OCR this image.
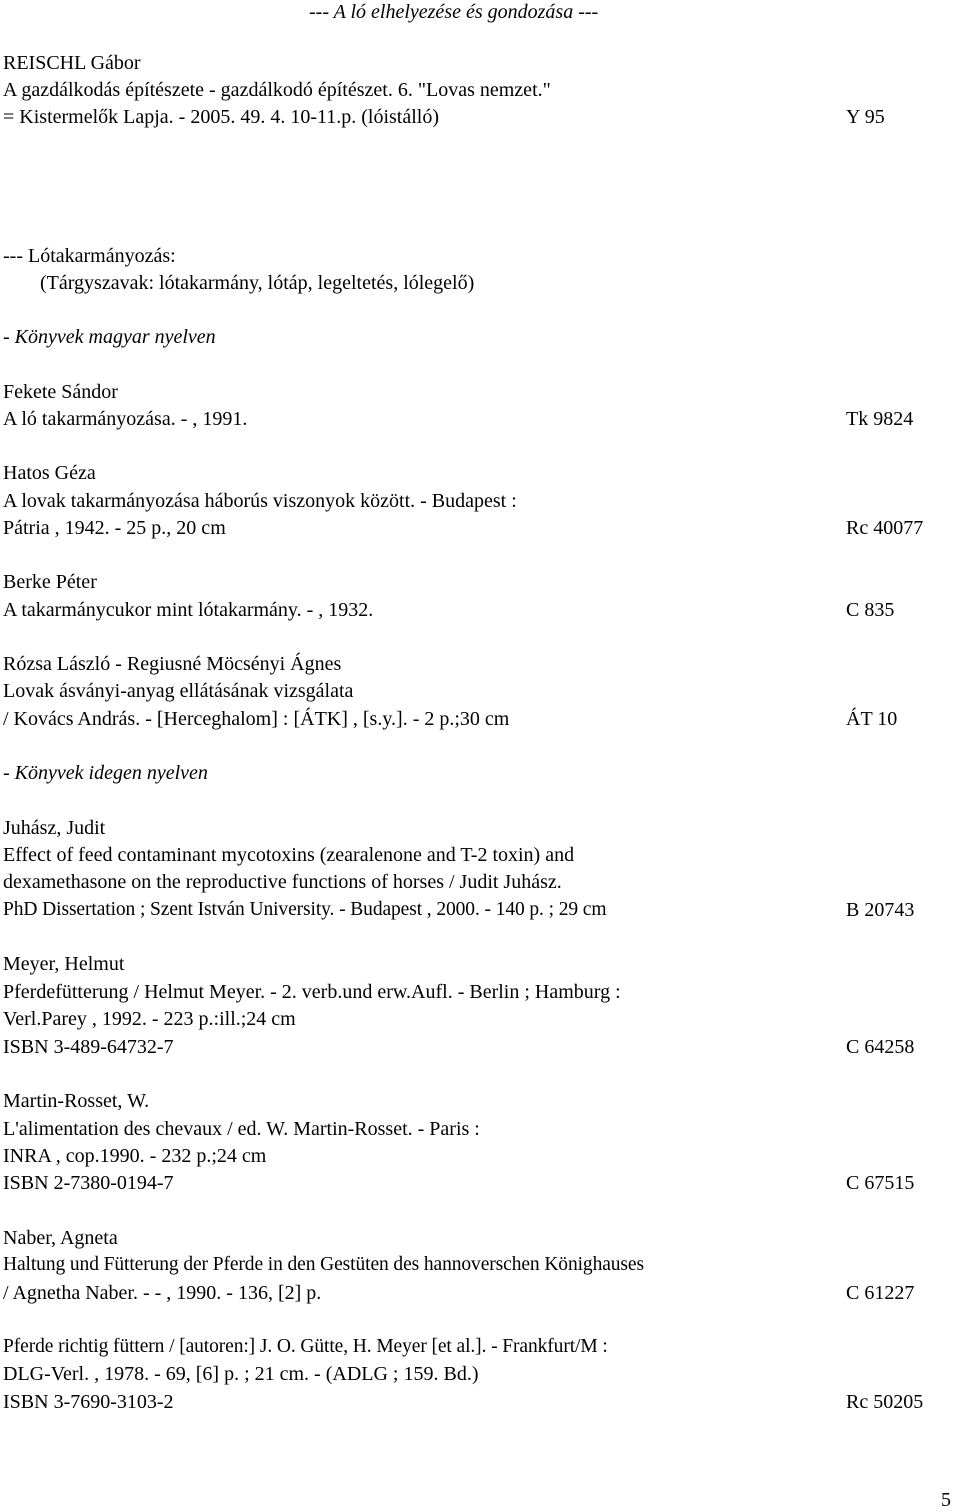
--- A ló elhelyezése és gondozása ---
REISCHL Gábor
A gazdálkodás építészete - gazdálkodó építészet. 6. "Lovas nemzet."
= Kistermelők Lapja. - 2005. 49. 4. 10-11.p. (lóistálló)	Y 95
--- Lótakarmányozás:
(Tárgyszavak: lótakarmány, lótáp, legeltetés, lólegelő)
- Könyvek magyar nyelven
Fekete Sándor
A ló takarmányozása. - , 1991.	Tk 9824
Hatos Géza
A lovak takarmányozása háborús viszonyok között. - Budapest :
Pátria , 1942. - 25 p., 20 cm	Rc 40077
Berke Péter
A takarmánycukor mint lótakarmány. - , 1932.	C 835
Rózsa László - Regiusné Möcsényi Ágnes
Lovak ásványi-anyag ellátásának vizsgálata
/ Kovács András. - [Herceghalom] : [ÁTK] , [s.y.]. - 2 p.;30 cm	ÁT 10
- Könyvek idegen nyelven
Juhász, Judit
Effect of feed contaminant mycotoxins (zearalenone and T-2 toxin) and
dexamethasone on the reproductive functions of horses / Judit Juhász.
PhD Dissertation ; Szent István University. - Budapest , 2000. - 140 p. ; 29 cm	B 20743
Meyer, Helmut
Pferdefütterung / Helmut Meyer. - 2. verb.und erw.Aufl. - Berlin ; Hamburg :
Verl.Parey , 1992. - 223 p.:ill.;24 cm
ISBN 3-489-64732-7	C 64258
Martin-Rosset, W.
L'alimentation des chevaux / ed. W. Martin-Rosset. - Paris :
INRA , cop.1990. - 232 p.;24 cm
ISBN 2-7380-0194-7	C 67515
Naber, Agneta
Haltung und Fütterung der Pferde in den Gestüten des hannoverschen Könighauses
/ Agnetha Naber. - - , 1990. - 136, [2] p.	C 61227
Pferde richtig füttern / [autoren:] J. O. Gütte, H. Meyer [et al.]. - Frankfurt/M :
DLG-Verl. , 1978. - 69, [6] p. ; 21 cm. - (ADLG ; 159. Bd.)
ISBN 3-7690-3103-2	Rc 50205
5
